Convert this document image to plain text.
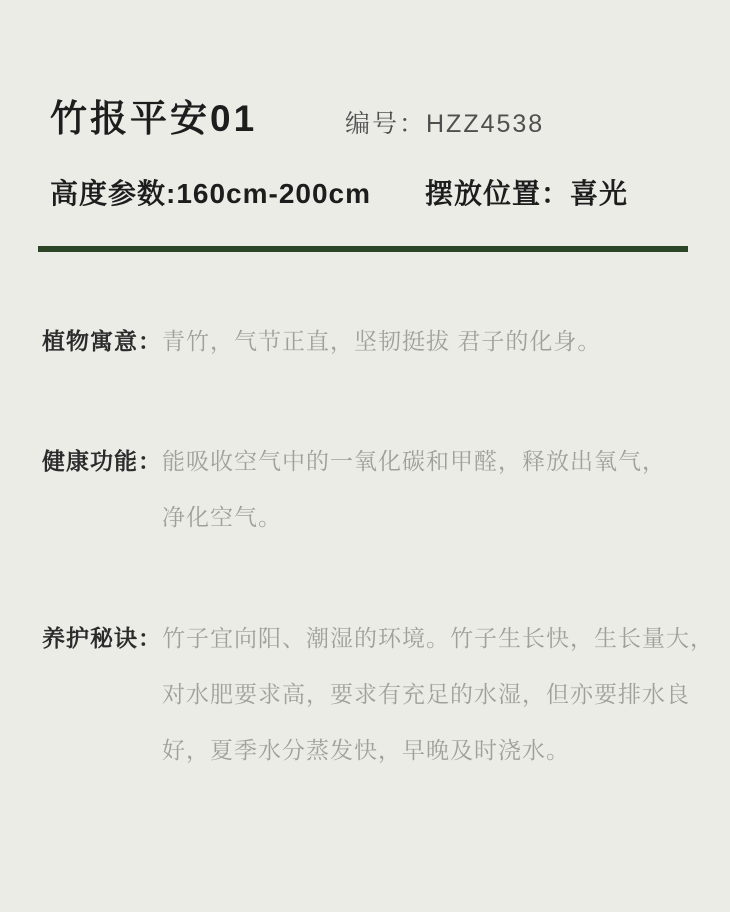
竹报平安01	编号：HZZ4538
高度参数:160cm-200cm 摆放位置：喜光
植物寓意： 青竹，气节正直，坚韧挺拔 君子的化身。
健康功能： 能吸收空气中的一氧化碳和甲醛，释放出氧气，
净化空气。
养护秘诀： 竹子宜向阳、潮湿的环境。竹子生长快，生长量大，
对水肥要求高，要求有充足的水湿，但亦要排水良
好，夏季水分蒸发快，早晚及时浇水。
